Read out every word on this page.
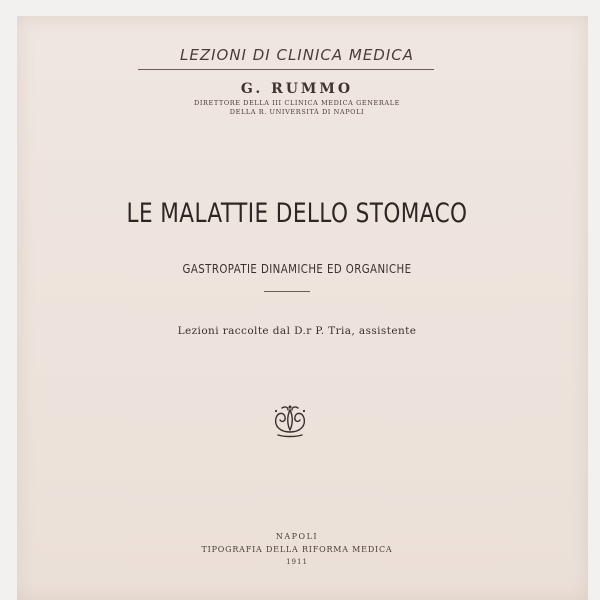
LEZIONI DI CLINICA MEDICA
G. RUMMO
DIRETTORE DELLA III CLINICA MEDICA GENERALE
DELLA R. UNIVERSITÀ DI NAPOLI
LE MALATTIE DELLO STOMACO
GASTROPATIE DINAMICHE ED ORGANICHE
Lezioni raccolte dal D.r P. Tria, assistente
NAPOLI
TIPOGRAFIA DELLA RIFORMA MEDICA
1911
